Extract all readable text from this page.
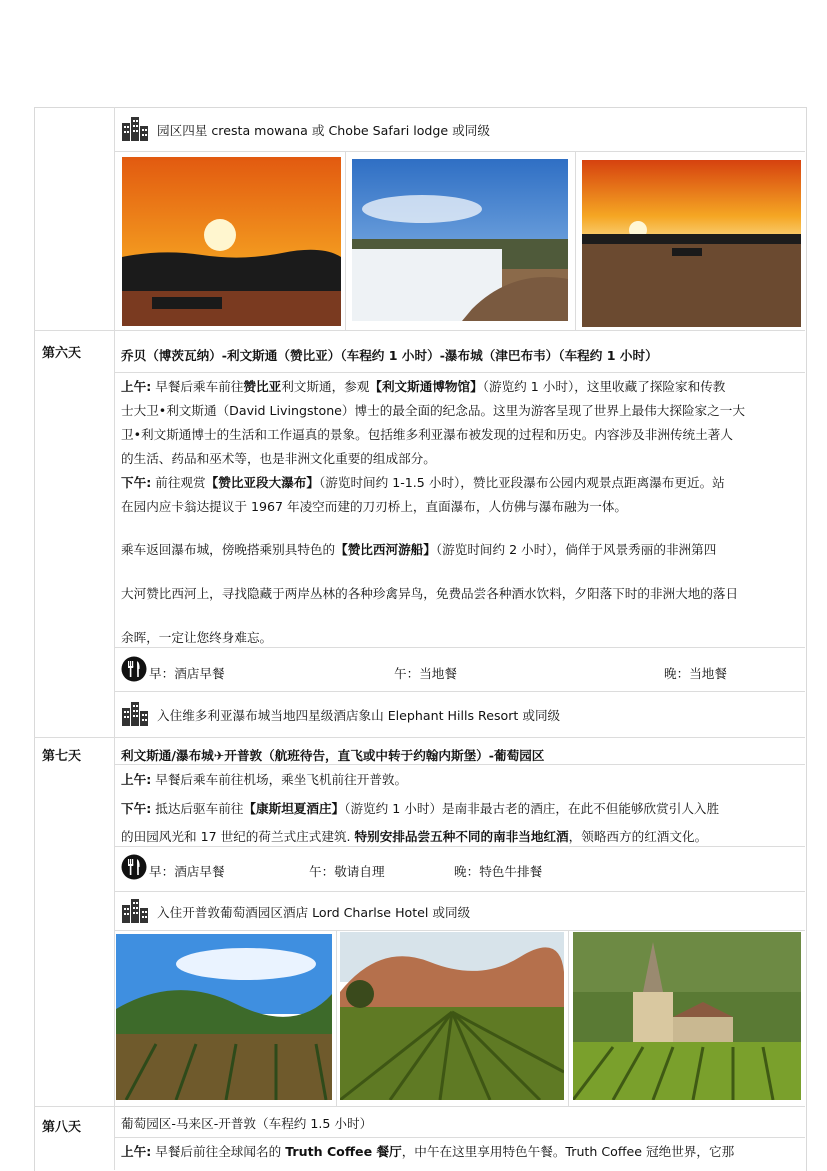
园区四星 cresta mowana 或 Chobe Safari lodge 或同级
第六天	乔贝（博茨瓦纳）-利文斯通（赞比亚）（车程约 1 小时）-瀑布城（津巴布韦）（车程约 1 小时）
上午: 早餐后乘车前往赞比亚利文斯通，参观【利文斯通博物馆】（游览约 1 小时），这里收藏了探险家和传教
士大卫•利文斯通（David Livingstone）博士的最全面的纪念品。这里为游客呈现了世界上最伟大探险家之一大
卫•利文斯通博士的生活和工作逼真的景象。包括维多利亚瀑布被发现的过程和历史。内容涉及非洲传统土著人
的生活、药品和巫术等，也是非洲文化重要的组成部分。
下午: 前往观赏【赞比亚段大瀑布】（游览时间约 1-1.5 小时），赞比亚段瀑布公园内观景点距离瀑布更近。站
在园内应卡翁达提议于 1967 年凌空而建的刀刃桥上，直面瀑布，人仿佛与瀑布融为一体。
乘车返回瀑布城，傍晚搭乘别具特色的【赞比西河游船】（游览时间约 2 小时），倘佯于风景秀丽的非洲第四
大河赞比西河上，寻找隐藏于两岸丛林的各种珍禽异鸟，免费品尝各种酒水饮料，夕阳落下时的非洲大地的落日
余晖，一定让您终身难忘。
早：酒店早餐	午：当地餐	晚：当地餐
入住维多利亚瀑布城当地四星级酒店象山 Elephant Hills Resort 或同级
第七天	利文斯通/瀑布城✈开普敦（航班待告，直飞或中转于约翰内斯堡）-葡萄园区
上午: 早餐后乘车前往机场，乘坐飞机前往开普敦。
下午: 抵达后驱车前往【康斯坦夏酒庄】（游览约 1 小时）是南非最古老的酒庄，在此不但能够欣赏引人入胜
的田园风光和 17 世纪的荷兰式庄式建筑. 特别安排品尝五种不同的南非当地红酒，领略西方的红酒文化。
早：酒店早餐	午：敬请自理	晚：特色牛排餐
入住开普敦葡萄酒园区酒店 Lord Charlse Hotel 或同级
第八天	葡萄园区-马来区-开普敦（车程约 1.5 小时）
上午: 早餐后前往全球闻名的 Truth Coffee 餐厅，中午在这里享用特色午餐。Truth Coffee 冠绝世界，它那
